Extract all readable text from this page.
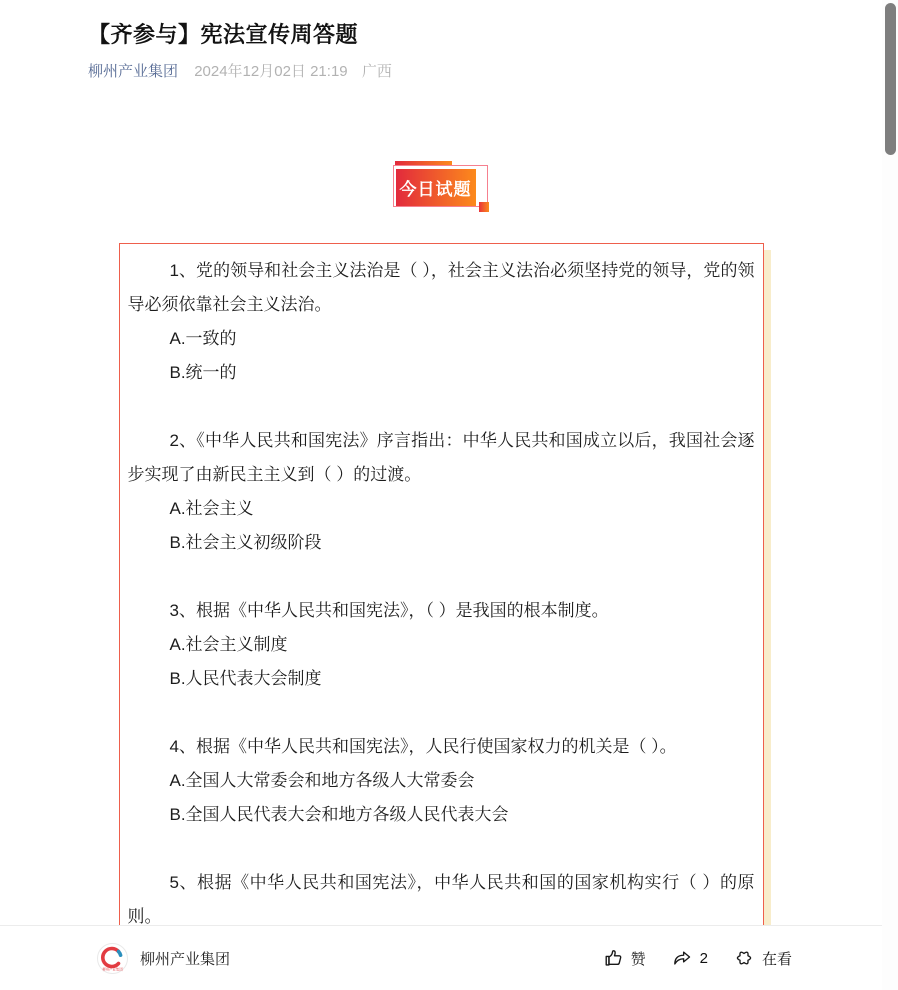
【齐参与】宪法宣传周答题
柳州产业集团 2024年12月02日 21:19 广西
今日试题

1、党的领导和社会主义法治是（ ），社会主义法治必须坚持党的领导，党的领导必须依靠社会主义法治。

A.一致的

B.统一的

2、《中华人民共和国宪法》序言指出：中华人民共和国成立以后，我国社会逐步实现了由新民主主义到（ ）的过渡。

A.社会主义

B.社会主义初级阶段

3、根据《中华人民共和国宪法》，（ ）是我国的根本制度。

A.社会主义制度

B.人民代表大会制度

4、根据《中华人民共和国宪法》，人民行使国家权力的机关是（ ）。

A.全国人大常委会和地方各级人大常委会

B.全国人民代表大会和地方各级人民代表大会

5、根据《中华人民共和国宪法》，中华人民共和国的国家机构实行（ ）的原则。

柳州产业集团
柳州产业集团	赞	2	在看
